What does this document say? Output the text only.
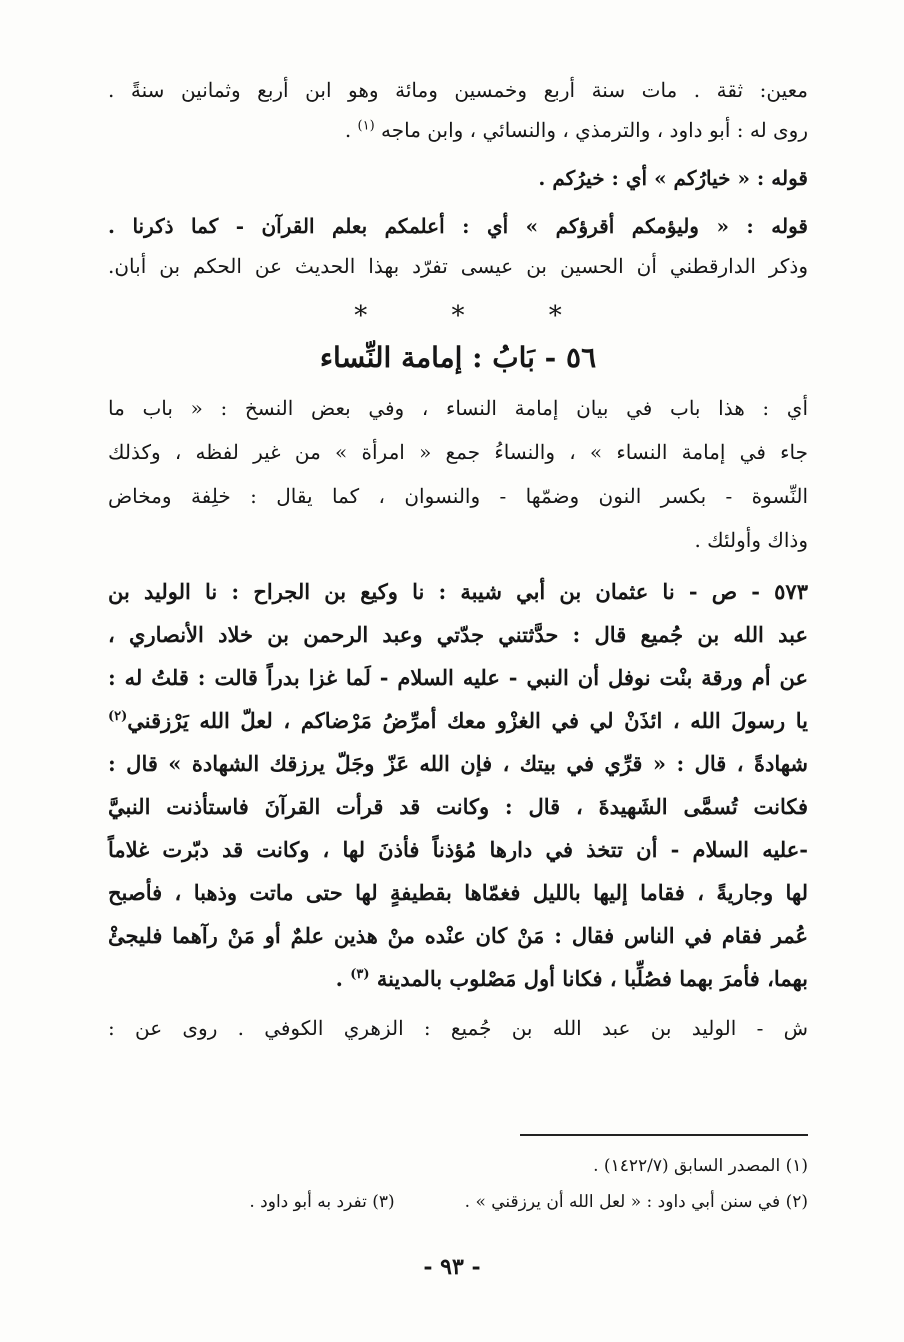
معين: ثقة . مات سنة أربع وخمسين ومائة وهو ابن أربع وثمانين سنةً .
روى له : أبو داود ، والترمذي ، والنسائي ، وابن ماجه $^{(١)}$ .
قوله : « خيارُكم » أي : خيرُكم .
قوله : « وليؤمكم أقرؤكم » أي : أعلمكم بعلم القرآن - كما ذكرنا .
وذكر الدارقطني أن الحسين بن عيسى تفرّد بهذا الحديث عن الحكم بن أبان.
* * *
٥٦ - بَابُ : إمامة النِّساء
أي : هذا باب في بيان إمامة النساء ، وفي بعض النسخ : « باب ما
جاء في إمامة النساء » ، والنساءُ جمع « امرأة » من غير لفظه ، وكذلك
النِّسوة - بكسر النون وضمّها - والنسوان ، كما يقال : خلِفة ومخاض
وذاك وأولئك .
٥٧٣ - ص - نا عثمان بن أبي شيبة : نا وكيع بن الجراح : نا الوليد بن
عبد الله بن جُميع قال : حدَّثتني جدّتي وعبد الرحمن بن خلاد الأنصاري ،
عن أم ورقة بنْت نوفل أن النبي - عليه السلام - لَما غزا بدراً قالت : قلتُ له :
يا رسولَ الله ، ائذَنْ لي في الغزْو معك أمرِّضُ مَرْضاكم ، لعلّ الله يَرْزقني$^{(٢)}$
شهادةً ، قال : « قرِّي في بيتك ، فإن الله عَزّ وجَلّ يرزقك الشهادة » قال :
فكانت تُسمَّى الشَهيدةَ ، قال : وكانت قد قرأت القرآنَ فاستأذنت النبيَّ
-عليه السلام - أن تتخذ في دارها مُؤذناً فأذنَ لها ، وكانت قد دبّرت غلاماً
لها وجاريةً ، فقاما إليها بالليل فغمّاها بقطيفةٍ لها حتى ماتت وذهبا ، فأصبح
عُمر فقام في الناس فقال : مَنْ كان عنْده منْ هذين علمٌ أو مَنْ رآهما فليجئْ
بهما، فأمرَ بهما فصُلِّبا ، فكانا أول مَصْلوب بالمدينة $^{(٣)}$ .
ش - الوليد بن عبد الله بن جُميع : الزهري الكوفي . روى عن :
(١) المصدر السابق (١٤٢٢/٧) .
(٢) في سنن أبي داود : « لعل الله أن يرزقني » .
(٣) تفرد به أبو داود .
- ٩٣ -
